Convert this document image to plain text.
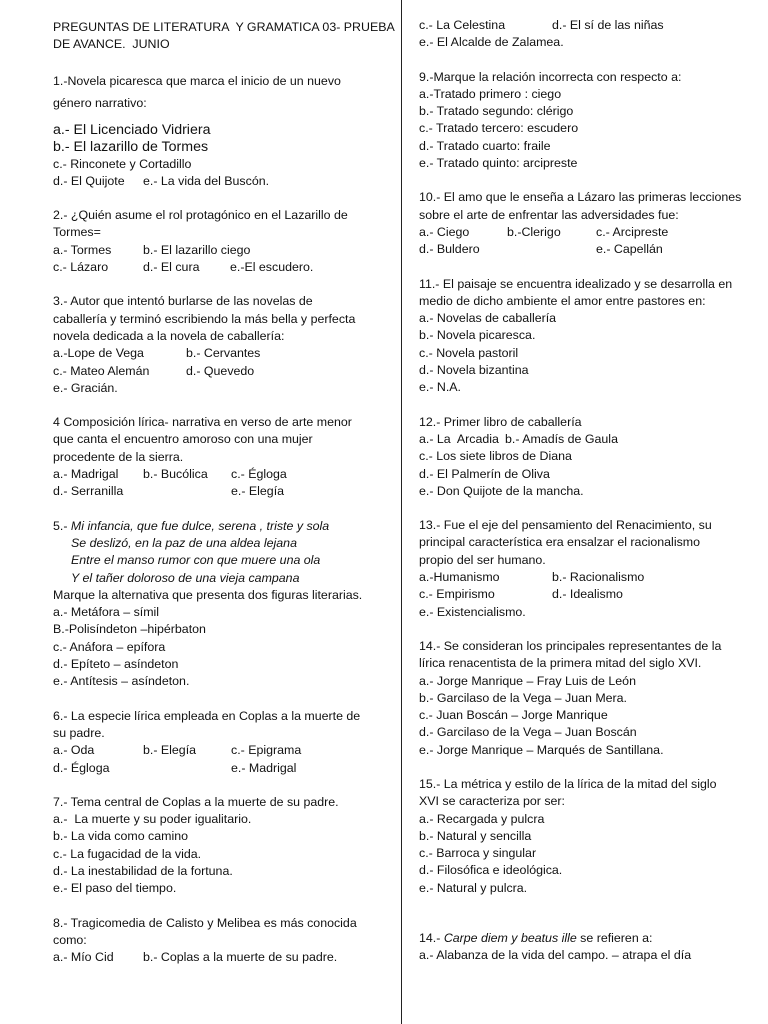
PREGUNTAS DE LITERATURA  Y GRAMATICA 03- PRUEBA
DE AVANCE.  JUNIO
1.-Novela picaresca que marca el inicio de un nuevo
género narrativo:
a.- El Licenciado Vidriera
b.- El lazarillo de Tormes
c.- Rinconete y Cortadillo
d.- El Quijote	e.- La vida del Buscón.
2.- ¿Quién asume el rol protagónico en el Lazarillo de
Tormes=
a.- Tormes	b.- El lazarillo ciego
c.- Lázaro	d.- El cura	e.-El escudero.
3.- Autor que intentó burlarse de las novelas de
caballería y terminó escribiendo la más bella y perfecta
novela dedicada a la novela de caballería:
a.-Lope de Vega	b.- Cervantes
c.- Mateo Alemán	d.- Quevedo
e.- Gracián.
4 Composición lírica- narrativa en verso de arte menor
que canta el encuentro amoroso con una mujer
procedente de la sierra.
a.- Madrigal	b.- Bucólica	c.- Égloga
d.- Serranilla	e.- Elegía
5.- Mi infancia, que fue dulce, serena , triste y sola
Se deslizó, en la paz de una aldea lejana
Entre el manso rumor con que muere una ola
Y el tañer doloroso de una vieja campana
Marque la alternativa que presenta dos figuras literarias.
a.- Metáfora – símil
B.-Polisíndeton –hipérbaton
c.- Anáfora – epífora
d.- Epíteto – asíndeton
e.- Antítesis – asíndeton.
6.- La especie lírica empleada en Coplas a la muerte de
su padre.
a.- Oda	b.- Elegía	c.- Epigrama
d.- Égloga	e.- Madrigal
7.- Tema central de Coplas a la muerte de su padre.
a.-  La muerte y su poder igualitario.
b.- La vida como camino
c.- La fugacidad de la vida.
d.- La inestabilidad de la fortuna.
e.- El paso del tiempo.
8.- Tragicomedia de Calisto y Melibea es más conocida
como:
a.- Mío Cid	b.- Coplas a la muerte de su padre.
c.- La Celestina	d.- El sí de las niñas
e.- El Alcalde de Zalamea.
9.-Marque la relación incorrecta con respecto a:
a.-Tratado primero : ciego
b.- Tratado segundo: clérigo
c.- Tratado tercero: escudero
d.- Tratado cuarto: fraile
e.- Tratado quinto: arcipreste
10.- El amo que le enseña a Lázaro las primeras lecciones
sobre el arte de enfrentar las adversidades fue:
a.- Ciego	b.-Clerigo	c.- Arcipreste
d.- Buldero	e.- Capellán
11.- El paisaje se encuentra idealizado y se desarrolla en
medio de dicho ambiente el amor entre pastores en:
a.- Novelas de caballería
b.- Novela picaresca.
c.- Novela pastoril
d.- Novela bizantina
e.- N.A.
12.- Primer libro de caballería
a.- La  Arcadia b.- Amadís de Gaula
c.- Los siete libros de Diana
d.- El Palmerín de Oliva
e.- Don Quijote de la mancha.
13.- Fue el eje del pensamiento del Renacimiento, su
principal característica era ensalzar el racionalismo
propio del ser humano.
a.-Humanismo	b.- Racionalismo
c.- Empirismo	d.- Idealismo
e.- Existencialismo.
14.- Se consideran los principales representantes de la
lírica renacentista de la primera mitad del siglo XVI.
a.- Jorge Manrique – Fray Luis de León
b.- Garcilaso de la Vega – Juan Mera.
c.- Juan Boscán – Jorge Manrique
d.- Garcilaso de la Vega – Juan Boscán
e.- Jorge Manrique – Marqués de Santillana.
15.- La métrica y estilo de la lírica de la mitad del siglo
XVI se caracteriza por ser:
a.- Recargada y pulcra
b.- Natural y sencilla
c.- Barroca y singular
d.- Filosófica e ideológica.
e.- Natural y pulcra.
14.- Carpe diem y beatus ille se refieren a:
a.- Alabanza de la vida del campo. – atrapa el día
